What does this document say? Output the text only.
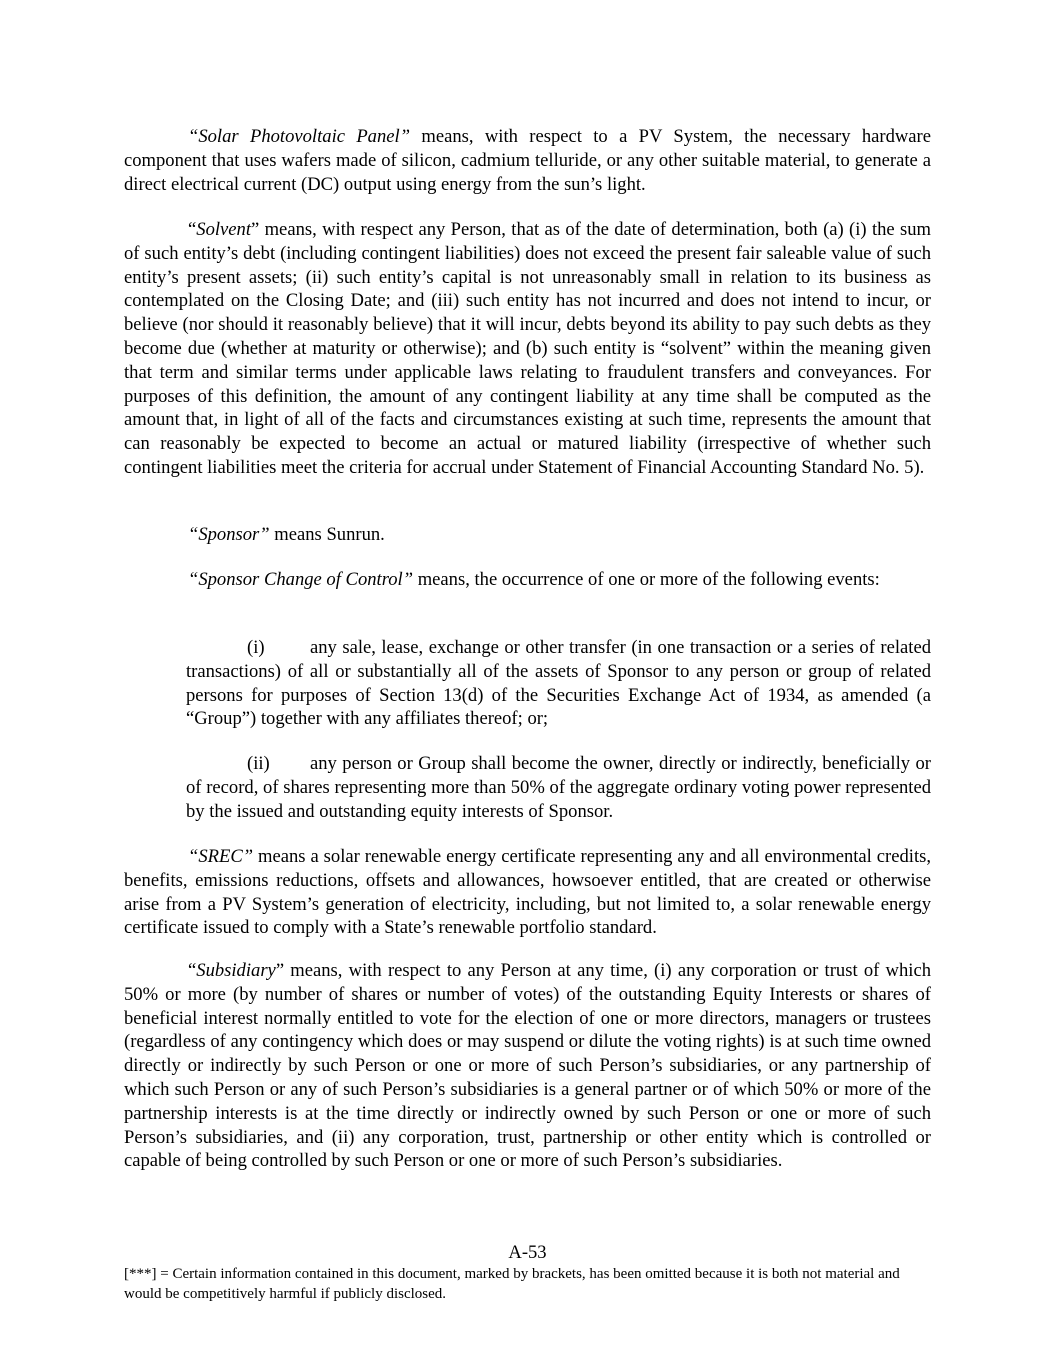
“Solar Photovoltaic Panel” means, with respect to a PV System, the necessary hardware component that uses wafers made of silicon, cadmium telluride, or any other suitable material, to generate a direct electrical current (DC) output using energy from the sun’s light.

“Solvent” means, with respect any Person, that as of the date of determination, both (a) (i) the sum of such entity’s debt (including contingent liabilities) does not exceed the present fair saleable value of such entity’s present assets; (ii) such entity’s capital is not unreasonably small in relation to its business as contemplated on the Closing Date; and (iii) such entity has not incurred and does not intend to incur, or believe (nor should it reasonably believe) that it will incur, debts beyond its ability to pay such debts as they become due (whether at maturity or otherwise); and (b) such entity is “solvent” within the meaning given that term and similar terms under applicable laws relating to fraudulent transfers and conveyances. For purposes of this definition, the amount of any contingent liability at any time shall be computed as the amount that, in light of all of the facts and circumstances existing at such time, represents the amount that can reasonably be expected to become an actual or matured liability (irrespective of whether such contingent liabilities meet the criteria for accrual under Statement of Financial Accounting Standard No. 5).

“Sponsor” means Sunrun.

“Sponsor Change of Control” means, the occurrence of one or more of the following events:

(i) any sale, lease, exchange or other transfer (in one transaction or a series of related transactions) of all or substantially all of the assets of Sponsor to any person or group of related persons for purposes of Section 13(d) of the Securities Exchange Act of 1934, as amended (a “Group”) together with any affiliates thereof; or;

(ii) any person or Group shall become the owner, directly or indirectly, beneficially or of record, of shares representing more than 50% of the aggregate ordinary voting power represented by the issued and outstanding equity interests of Sponsor.

“SREC” means a solar renewable energy certificate representing any and all environmental credits, benefits, emissions reductions, offsets and allowances, howsoever entitled, that are created or otherwise arise from a PV System’s generation of electricity, including, but not limited to, a solar renewable energy certificate issued to comply with a State’s renewable portfolio standard.

“Subsidiary” means, with respect to any Person at any time, (i) any corporation or trust of which 50% or more (by number of shares or number of votes) of the outstanding Equity Interests or shares of beneficial interest normally entitled to vote for the election of one or more directors, managers or trustees (regardless of any contingency which does or may suspend or dilute the voting rights) is at such time owned directly or indirectly by such Person or one or more of such Person’s subsidiaries, or any partnership of which such Person or any of such Person’s subsidiaries is a general partner or of which 50% or more of the partnership interests is at the time directly or indirectly owned by such Person or one or more of such Person’s subsidiaries, and (ii) any corporation, trust, partnership or other entity which is controlled or capable of being controlled by such Person or one or more of such Person’s subsidiaries.

A-53
[***] = Certain information contained in this document, marked by brackets, has been omitted because it is both not material and would be competitively harmful if publicly disclosed.
